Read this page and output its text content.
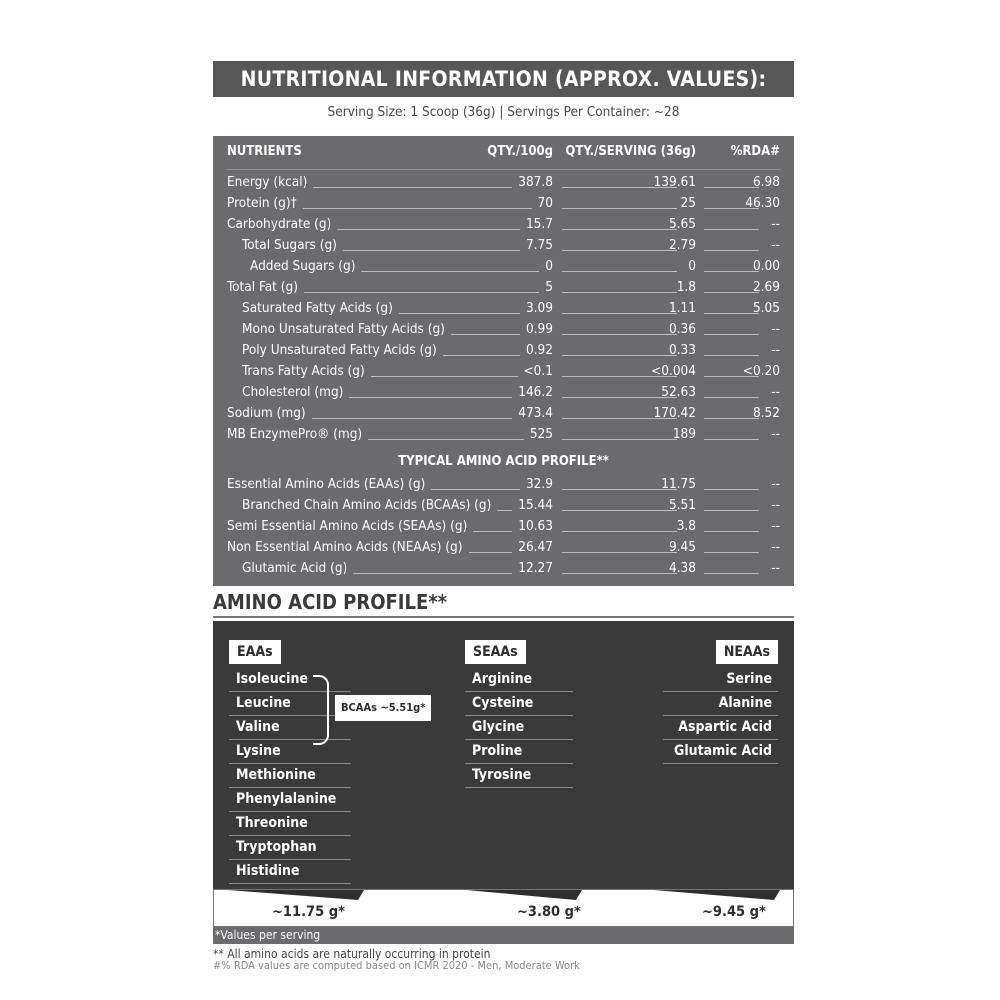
NUTRITIONAL INFORMATION (APPROX. VALUES):
Serving Size: 1 Scoop (36g) | Servings Per Container: ~28
NUTRIENTS	QTY./100g QTY./SERVING (36g)	%RDA#
Energy (kcal)	387.8	139.61	6.98
Protein (g)†	70	25	46.30
Carbohydrate (g)	15.7	5.65	--
Total Sugars (g)	7.75	2.79	--
Added Sugars (g)	0	0	0.00
Total Fat (g)	5	1.8	2.69
Saturated Fatty Acids (g)	3.09	1.11	5.05
Mono Unsaturated Fatty Acids (g)	0.99	0.36	--
Poly Unsaturated Fatty Acids (g)	0.92	0.33	--
Trans Fatty Acids (g)	<0.1	<0.004	<0.20
Cholesterol (mg)	146.2	52.63	--
Sodium (mg)	473.4	170.42	8.52
MB EnzymePro® (mg)	525	189	--
TYPICAL AMINO ACID PROFILE**
Essential Amino Acids (EAAs) (g)	32.9	11.75	--
Branched Chain Amino Acids (BCAAs) (g) 15.44	5.51	--
Semi Essential Amino Acids (SEAAs) (g)	10.63	3.8	--
Non Essential Amino Acids (NEAAs) (g)	26.47	9.45	--
Glutamic Acid (g)	12.27	4.38	--
AMINO ACID PROFILE**
EAAs
Isoleucine
Leucine
Valine
Lysine
Methionine
Phenylalanine
Threonine
Tryptophan
Histidine
BCAAs ~5.51g*
SEAAs
Arginine
Cysteine
Glycine
Proline
Tyrosine
NEAAs
Serine
Alanine
Aspartic Acid
Glutamic Acid
~11.75 g*	~3.80 g*	~9.45 g*
*Values per serving
** All amino acids are naturally occurring in protein
#% RDA values are computed based on ICMR 2020 - Men, Moderate Work
